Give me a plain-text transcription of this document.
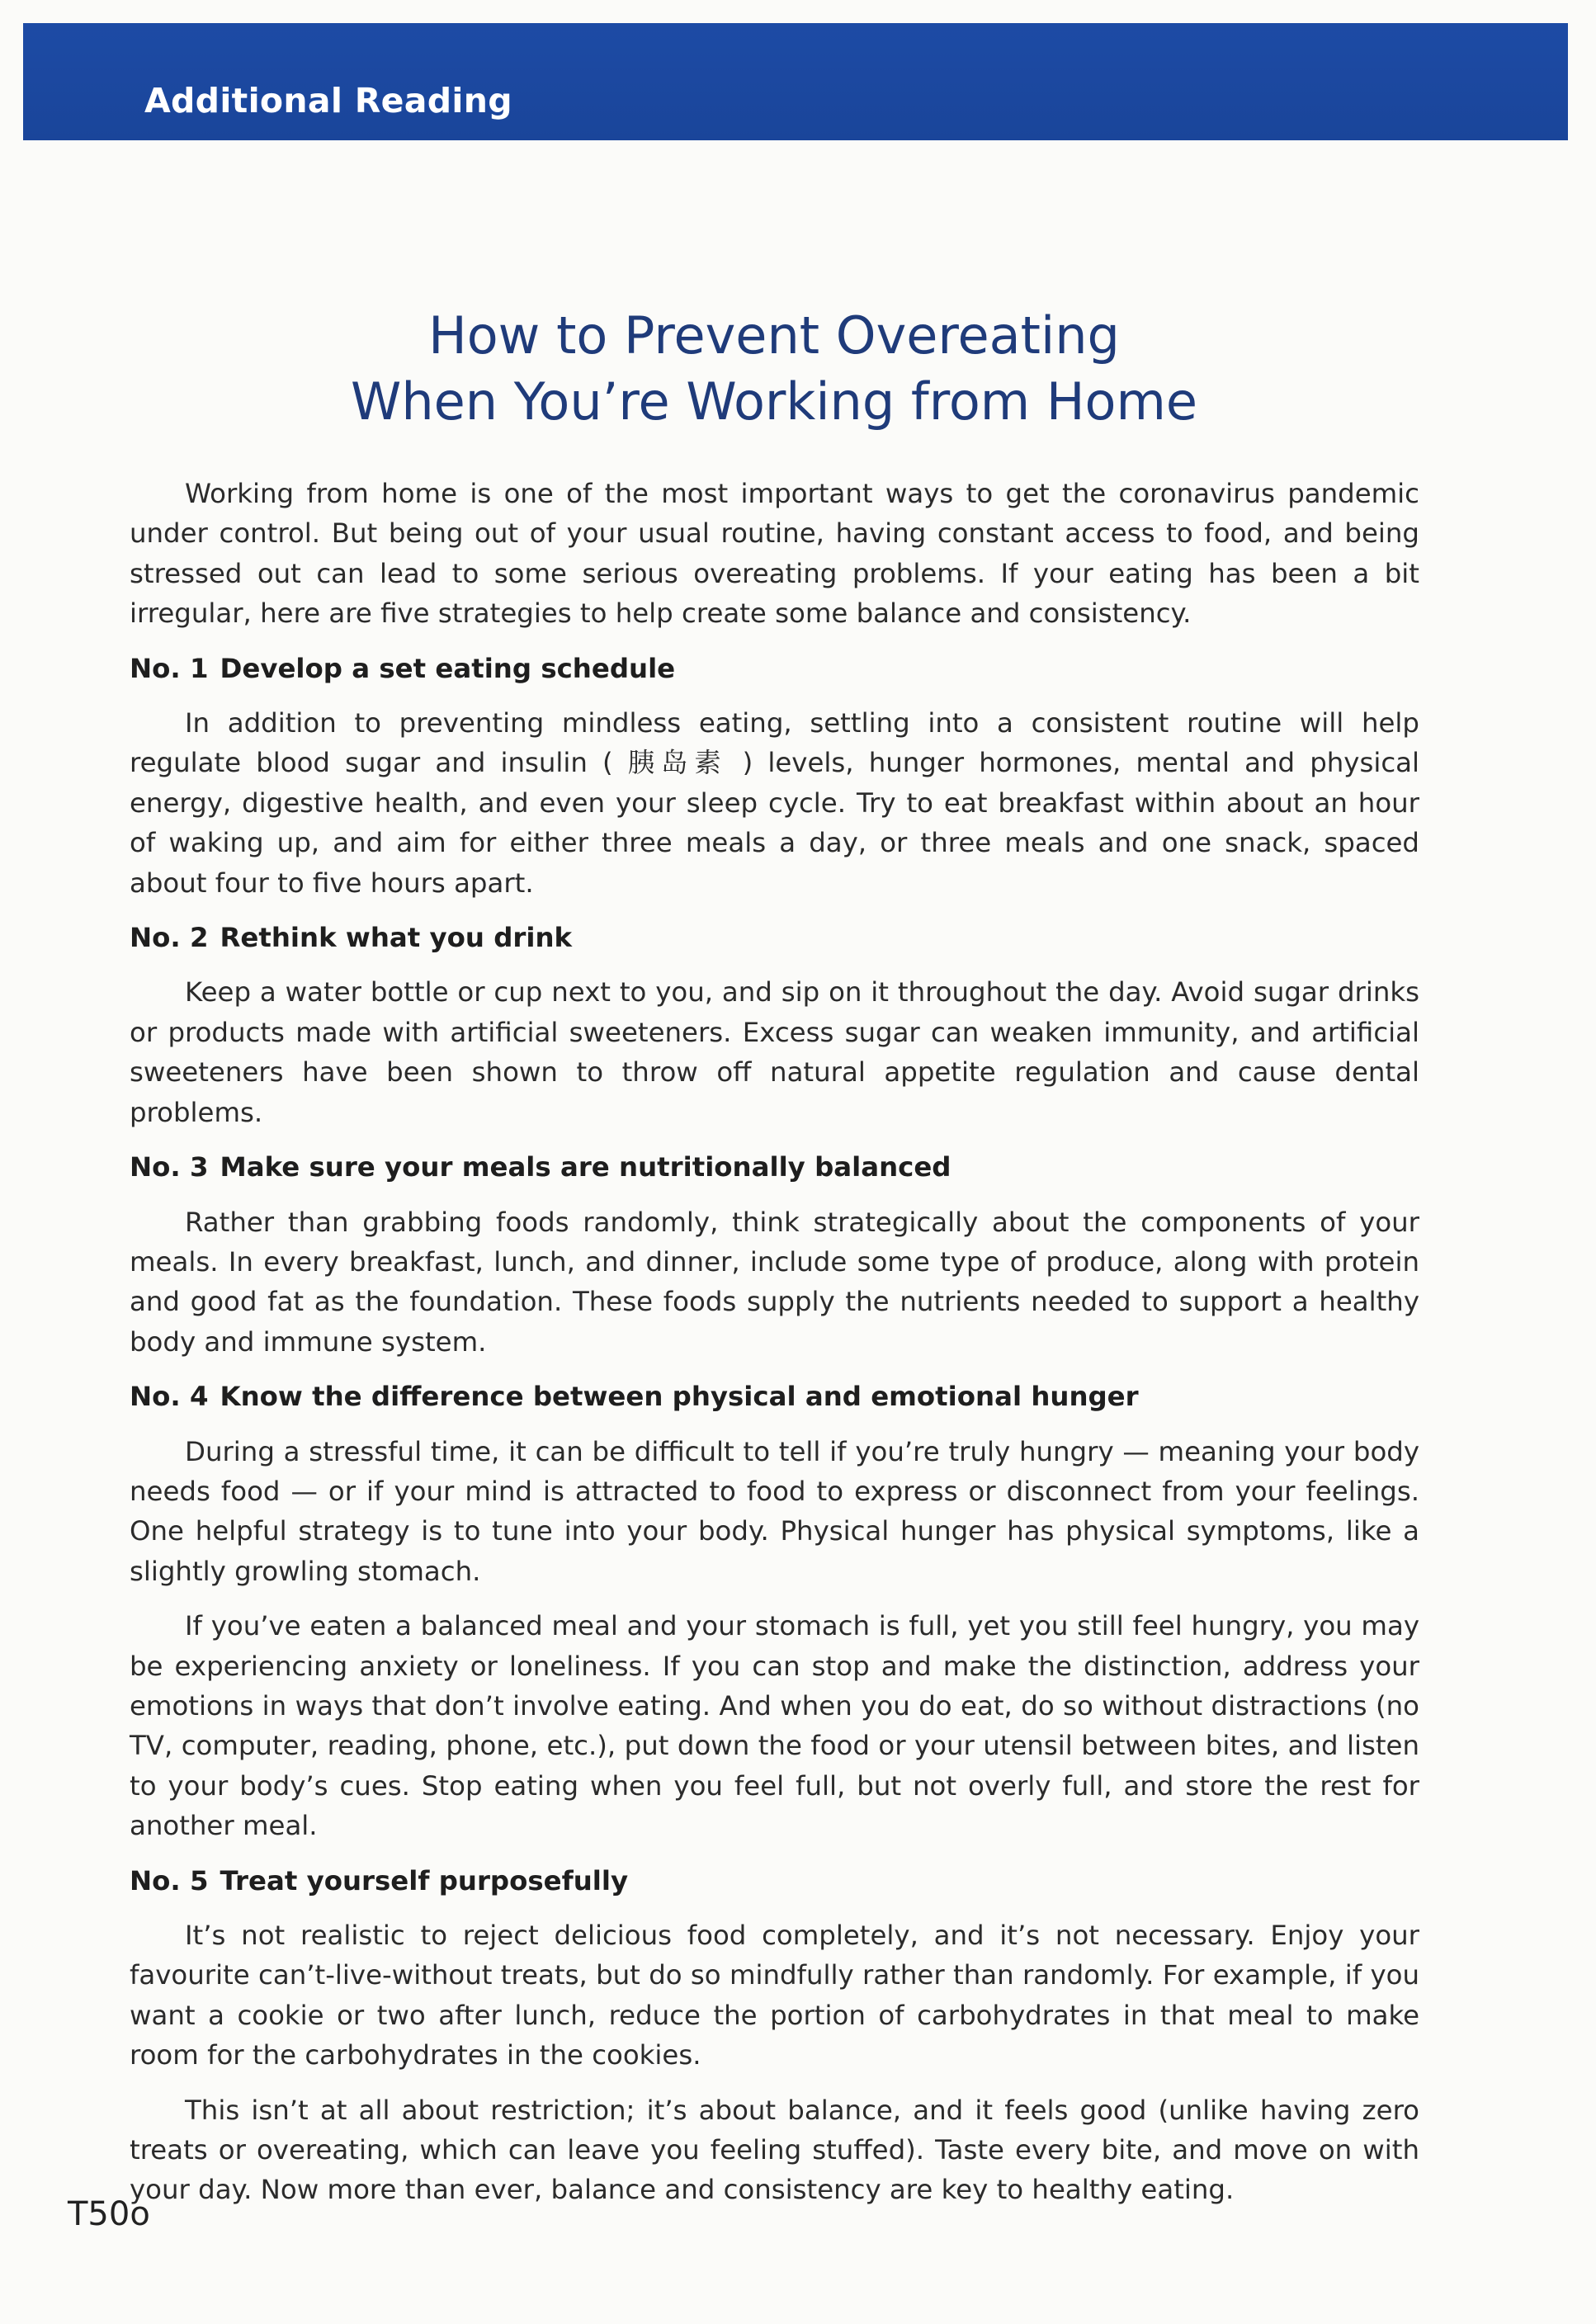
Additional Reading
How to Prevent Overeating
When You’re Working from Home

Working from home is one of the most important ways to get the coronavirus pandemic under control. But being out of your usual routine, having constant access to food, and being stressed out can lead to some serious overeating problems. If your eating has been a bit irregular, here are five strategies to help create some balance and consistency.

No. 1 Develop a set eating schedule

In addition to preventing mindless eating, settling into a consistent routine will help regulate blood sugar and insulin ( 胰岛素 ) levels, hunger hormones, mental and physical energy, digestive health, and even your sleep cycle. Try to eat breakfast within about an hour of waking up, and aim for either three meals a day, or three meals and one snack, spaced about four to five hours apart.

No. 2 Rethink what you drink

Keep a water bottle or cup next to you, and sip on it throughout the day. Avoid sugar drinks or products made with artificial sweeteners. Excess sugar can weaken immunity, and artificial sweeteners have been shown to throw off natural appetite regulation and cause dental problems.

No. 3 Make sure your meals are nutritionally balanced

Rather than grabbing foods randomly, think strategically about the components of your meals. In every breakfast, lunch, and dinner, include some type of produce, along with protein and good fat as the foundation. These foods supply the nutrients needed to support a healthy body and immune system.

No. 4 Know the difference between physical and emotional hunger

During a stressful time, it can be difficult to tell if you’re truly hungry — meaning your body needs food — or if your mind is attracted to food to express or disconnect from your feelings. One helpful strategy is to tune into your body. Physical hunger has physical symptoms, like a slightly growling stomach.

If you’ve eaten a balanced meal and your stomach is full, yet you still feel hungry, you may be experiencing anxiety or loneliness. If you can stop and make the distinction, address your emotions in ways that don’t involve eating. And when you do eat, do so without distractions (no TV, computer, reading, phone, etc.), put down the food or your utensil between bites, and listen to your body’s cues. Stop eating when you feel full, but not overly full, and store the rest for another meal.

No. 5 Treat yourself purposefully

It’s not realistic to reject delicious food completely, and it’s not necessary. Enjoy your favourite can’t-live-without treats, but do so mindfully rather than randomly. For example, if you want a cookie or two after lunch, reduce the portion of carbohydrates in that meal to make room for the carbohydrates in the cookies.

This isn’t at all about restriction; it’s about balance, and it feels good (unlike having zero treats or overeating, which can leave you feeling stuffed). Taste every bite, and move on with your day. Now more than ever, balance and consistency are key to healthy eating.

T50o
